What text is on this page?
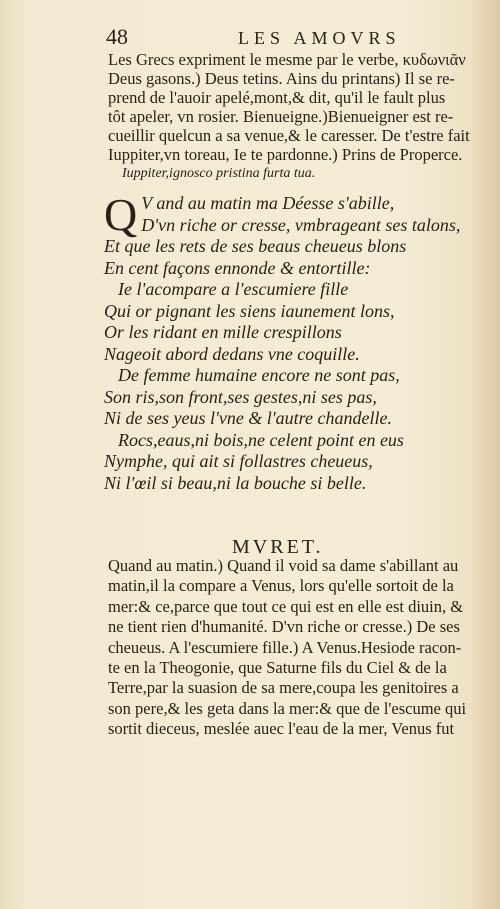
48	LES AMOVRS

Les Grecs expriment le mesme par le verbe, κυδωνιᾶν

Deus gasons.) Deus tetins. Ains du printans) Il se re-

prend de l'auoir apelé,mont,& dit, qu'il le fault plus

tôt apeler, vn rosier. Bienueigne.)Bienueigner est re-

cueillir quelcun a sa venue,& le caresser. De t'estre fait

Iuppiter,vn toreau, Ie te pardonne.) Prins de Properce.

Iuppiter,ignosco pristina furta tua.

Q V and au matin ma Déesse s'abille,
D'vn riche or cresse, vmbrageant ses talons,
Et que les rets de ses beaus cheueus blons
En cent façons ennonde & entortille:
Ie l'acompare a l'escumiere fille
Qui or pignant les siens iaunement lons,
Or les ridant en mille crespillons
Nageoit abord dedans vne coquille.
De femme humaine encore ne sont pas,
Son ris,son front,ses gestes,ni ses pas,
Ni de ses yeus l'vne & l'autre chandelle.
Rocs,eaus,ni bois,ne celent point en eus
Nymphe, qui ait si follastres cheueus,
Ni l'œil si beau,ni la bouche si belle.
MVRET.

Quand au matin.) Quand il void sa dame s'abillant au

matin,il la compare a Venus, lors qu'elle sortoit de la

mer:& ce,parce que tout ce qui est en elle est diuin, &

ne tient rien d'humanité. D'vn riche or cresse.) De ses

cheueus. A l'escumiere fille.) A Venus.Hesiode racon-

te en la Theogonie, que Saturne fils du Ciel & de la

Terre,par la suasion de sa mere,coupa les genitoires a

son pere,& les geta dans la mer:& que de l'escume qui

sortit dieceus, meslée auec l'eau de la mer, Venus fut
